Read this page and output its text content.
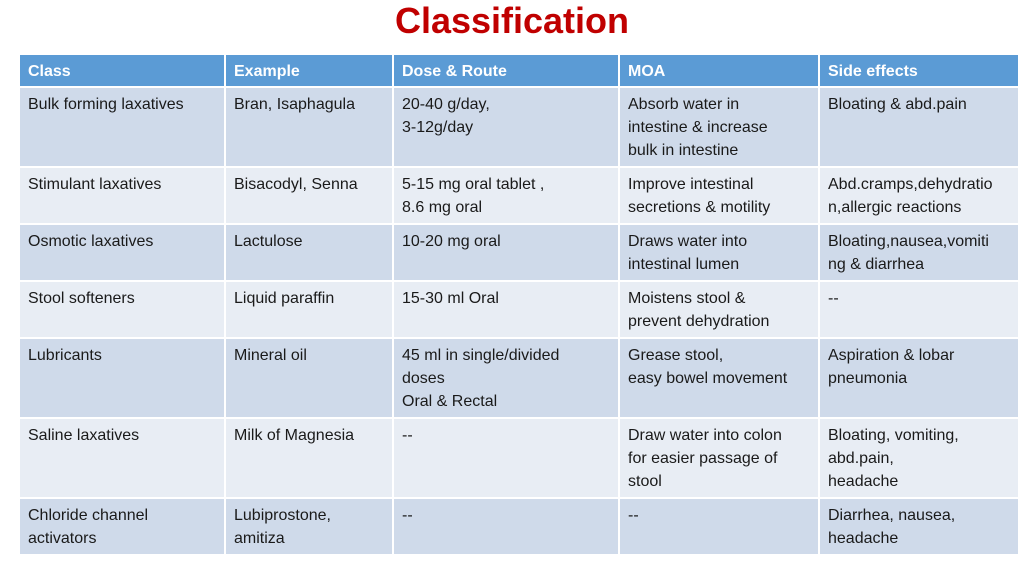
Classification
Class	Example	Dose & Route	MOA	Side effects

Bulk forming laxatives	Bran, Isaphagula	20-40 g/day,
3-12g/day	Absorb water in
intestine & increase
bulk in intestine	Bloating & abd.pain

Stimulant laxatives	Bisacodyl, Senna	5-15 mg oral tablet ,
8.6 mg oral	Improve intestinal
secretions & motility	Abd.cramps,dehydratio
n,allergic reactions

Osmotic laxatives	Lactulose	10-20 mg oral	Draws water into
intestinal lumen	Bloating,nausea,vomiti
ng & diarrhea

Stool softeners	Liquid paraffin	15-30 ml Oral	Moistens stool &
prevent dehydration	--

Lubricants	Mineral oil	45 ml in single/divided
doses
Oral & Rectal	Grease stool,
easy bowel movement	Aspiration & lobar
pneumonia

Saline laxatives	Milk of Magnesia	--	Draw water into colon
for easier passage of
stool	Bloating, vomiting,
abd.pain,
headache

Chloride channel
activators	Lubiprostone,
amitiza	--	--	Diarrhea, nausea,
headache
